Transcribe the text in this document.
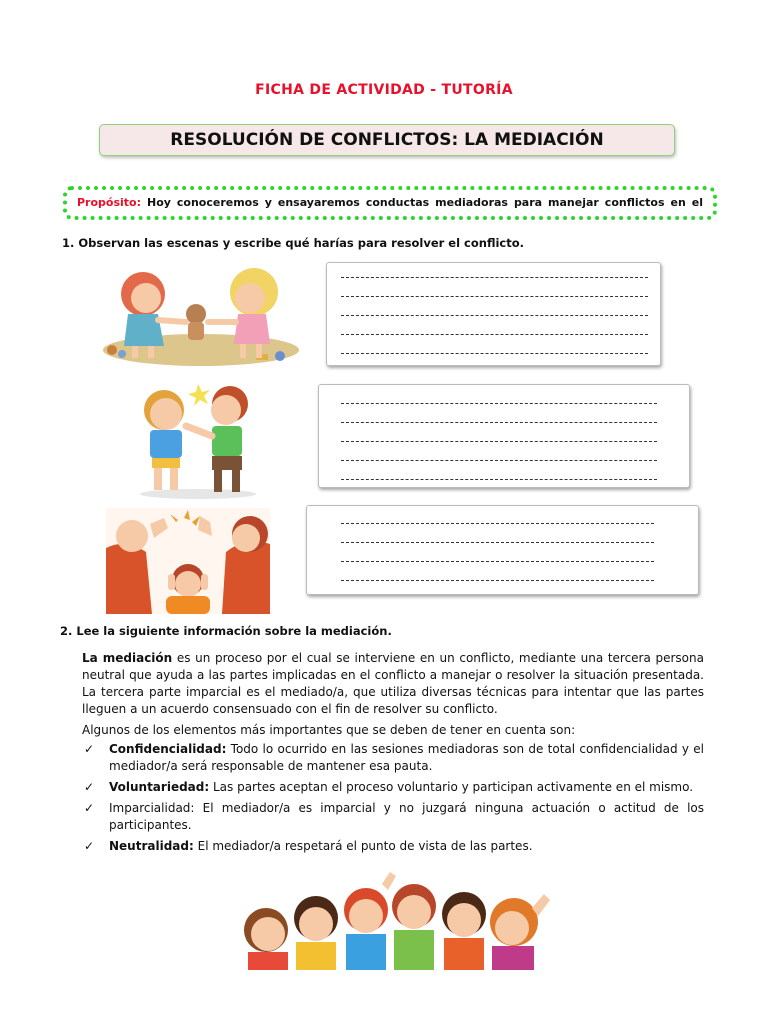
FICHA DE ACTIVIDAD - TUTORÍA
RESOLUCIÓN DE CONFLICTOS: LA MEDIACIÓN
Propósito: Hoy conoceremos y ensayaremos conductas mediadoras para manejar conflictos en el
1. Observan las escenas y escribe qué harías para resolver el conflicto.
2. Lee la siguiente información sobre la mediación.

La mediación es un proceso por el cual se interviene en un conflicto, mediante una tercera persona neutral que ayuda a las partes implicadas en el conflicto a manejar o resolver la situación presentada. La tercera parte imparcial es el mediado/a, que utiliza diversas técnicas para intentar que las partes lleguen a un acuerdo consensuado con el fin de resolver su conflicto.

Algunos de los elementos más importantes que se deben de tener en cuenta son:

✓ Confidencialidad: Todo lo ocurrido en las sesiones mediadoras son de total confidencialidad y el mediador/a será responsable de mantener esa pauta.
✓ Voluntariedad: Las partes aceptan el proceso voluntario y participan activamente en el mismo.
✓ Imparcialidad: El mediador/a es imparcial y no juzgará ninguna actuación o actitud de los participantes.
✓ Neutralidad: El mediador/a respetará el punto de vista de las partes.
